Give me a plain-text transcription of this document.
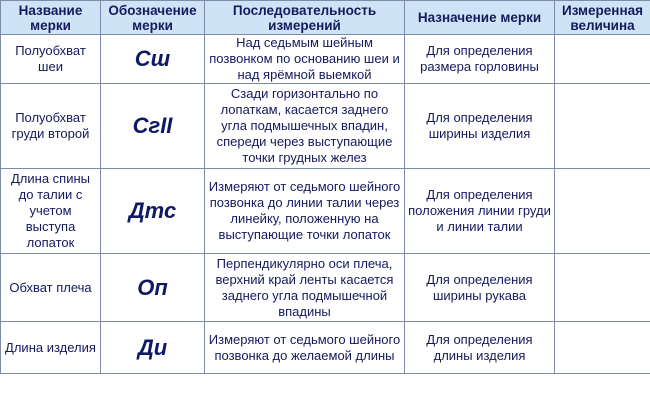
Название мерки	Обозначение мерки	Последовательность измерений	Назначение мерки	Измеренная величина
Полуобхват шеи	Сш	Над седьмым шейным позвонком по основанию шеи и над ярёмной выемкой	Для определения размера горловины	
Полуобхват груди второй	СгII	Сзади горизонтально по лопаткам, касается заднего угла подмышечных впадин, спереди через выступающие точки грудных желез	Для определения ширины изделия	
Длина спины до талии с учетом выступа лопаток	Дтс	Измеряют от седьмого шейного позвонка до линии талии через линейку, положенную на выступающие точки лопаток	Для определения положения линии груди и линии талии	
Обхват плеча	Оп	Перпендикулярно оси плеча, верхний край ленты касается заднего угла подмышечной впадины	Для определения ширины рукава	
Длина изделия	Ди	Измеряют от седьмого шейного позвонка до желаемой длины	Для определения длины изделия	
